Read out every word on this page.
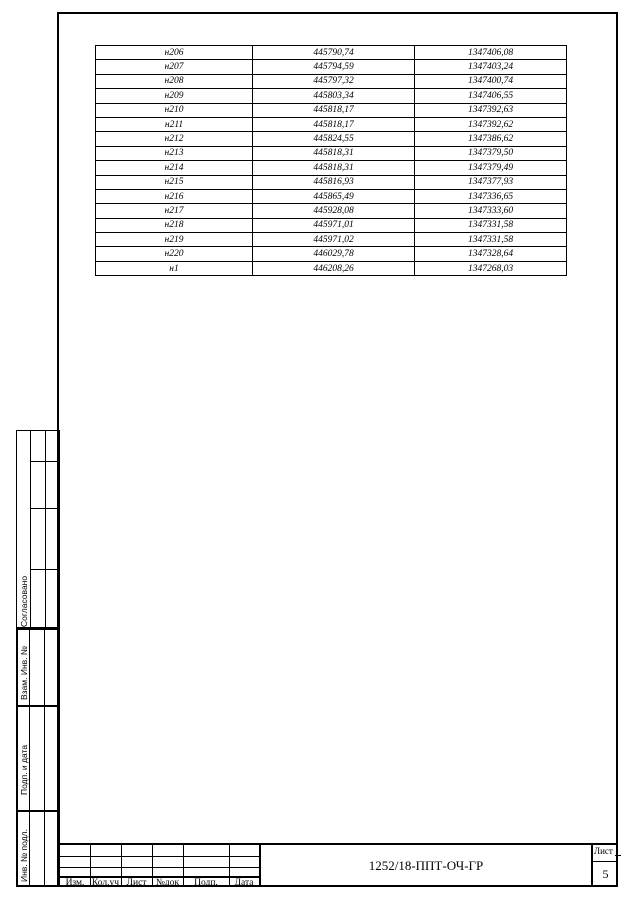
н206	445790,74	1347406,08
н207	445794,59	1347403,24
н208	445797,32	1347400,74
н209	445803,34	1347406,55
н210	445818,17	1347392,63
н211	445818,17	1347392,62
н212	445824,55	1347386,62
н213	445818,31	1347379,50
н214	445818,31	1347379,49
н215	445816,93	1347377,93
н216	445865,49	1347336,65
н217	445928,08	1347333,60
н218	445971,01	1347331,58
н219	445971,02	1347331,58
н220	446029,78	1347328,64
н1	446208,26	1347268,03
Согласовано
Взам. Инв. №
Подп. и дата
Инв. № подл.
Изм. Кол.уч Лист №док	Подп.	Дата
1252/18-ППТ-ОЧ-ГР
Лист
5
